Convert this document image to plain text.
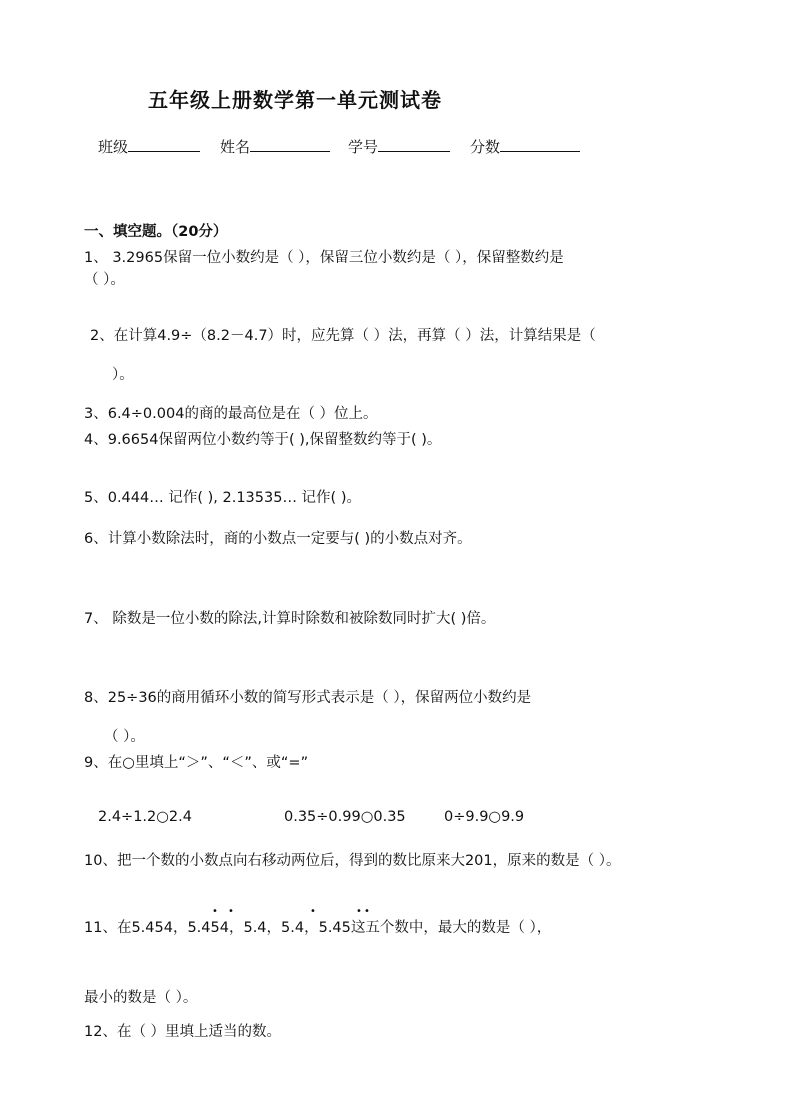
五年级上册数学第一单元测试卷
班级	姓名	学号	分数
一、填空题。（20分）
1、 3.2965保留一位小数约是（ ），保留三位小数约是（ ），保留整数约是
（ ）。
2、在计算4.9÷（8.2－4.7）时，应先算（ ）法，再算（ ）法，计算结果是（
）。
3、6.4÷0.004的商的最高位是在（ ）位上。
4、9.6654保留两位小数约等于( ),保留整数约等于( )。
5、0.444… 记作( ), 2.13535… 记作( )。
6、计算小数除法时，商的小数点一定要与( )的小数点对齐。
7、 除数是一位小数的除法,计算时除数和被除数同时扩大( )倍。
8、25÷36的商用循环小数的简写形式表示是（ ），保留两位小数约是
（ ）。
9、在○里填上“＞”、“＜”、或“=”
2.4÷1.2○2.4	0.35÷0.99○0.35	0÷9.9○9.9
10、把一个数的小数点向右移动两位后，得到的数比原来大201，原来的数是（ ）。
11、在5.454，5.454，5.4，5.4，5.45这五个数中，最大的数是（ ），
• •	•	• •
最小的数是（ ）。
12、在（ ）里填上适当的数。
